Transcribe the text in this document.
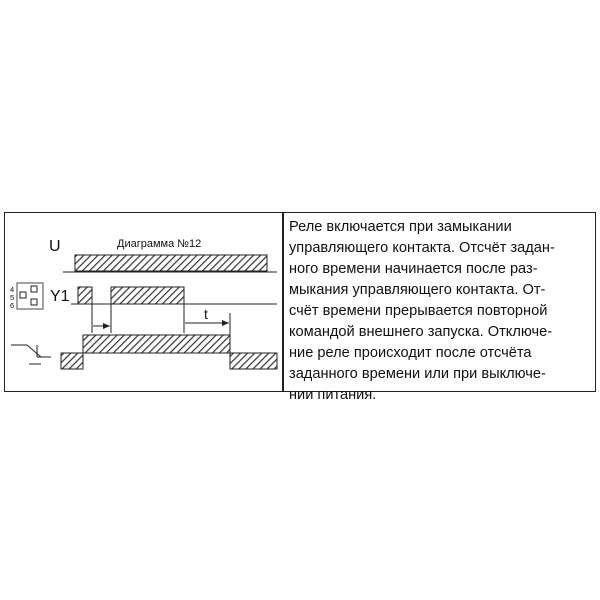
U	Диаграмма №12
4
5
6
Y1
t

Реле включается при замыкании
управляющего контакта. Отсчёт задан-
ного времени начинается после раз-
мыкания управляющего контакта. От-
счёт времени прерывается повторной
командой внешнего запуска. Отключе-
ние реле происходит после отсчёта
заданного времени или при выключе-
нии питания.
